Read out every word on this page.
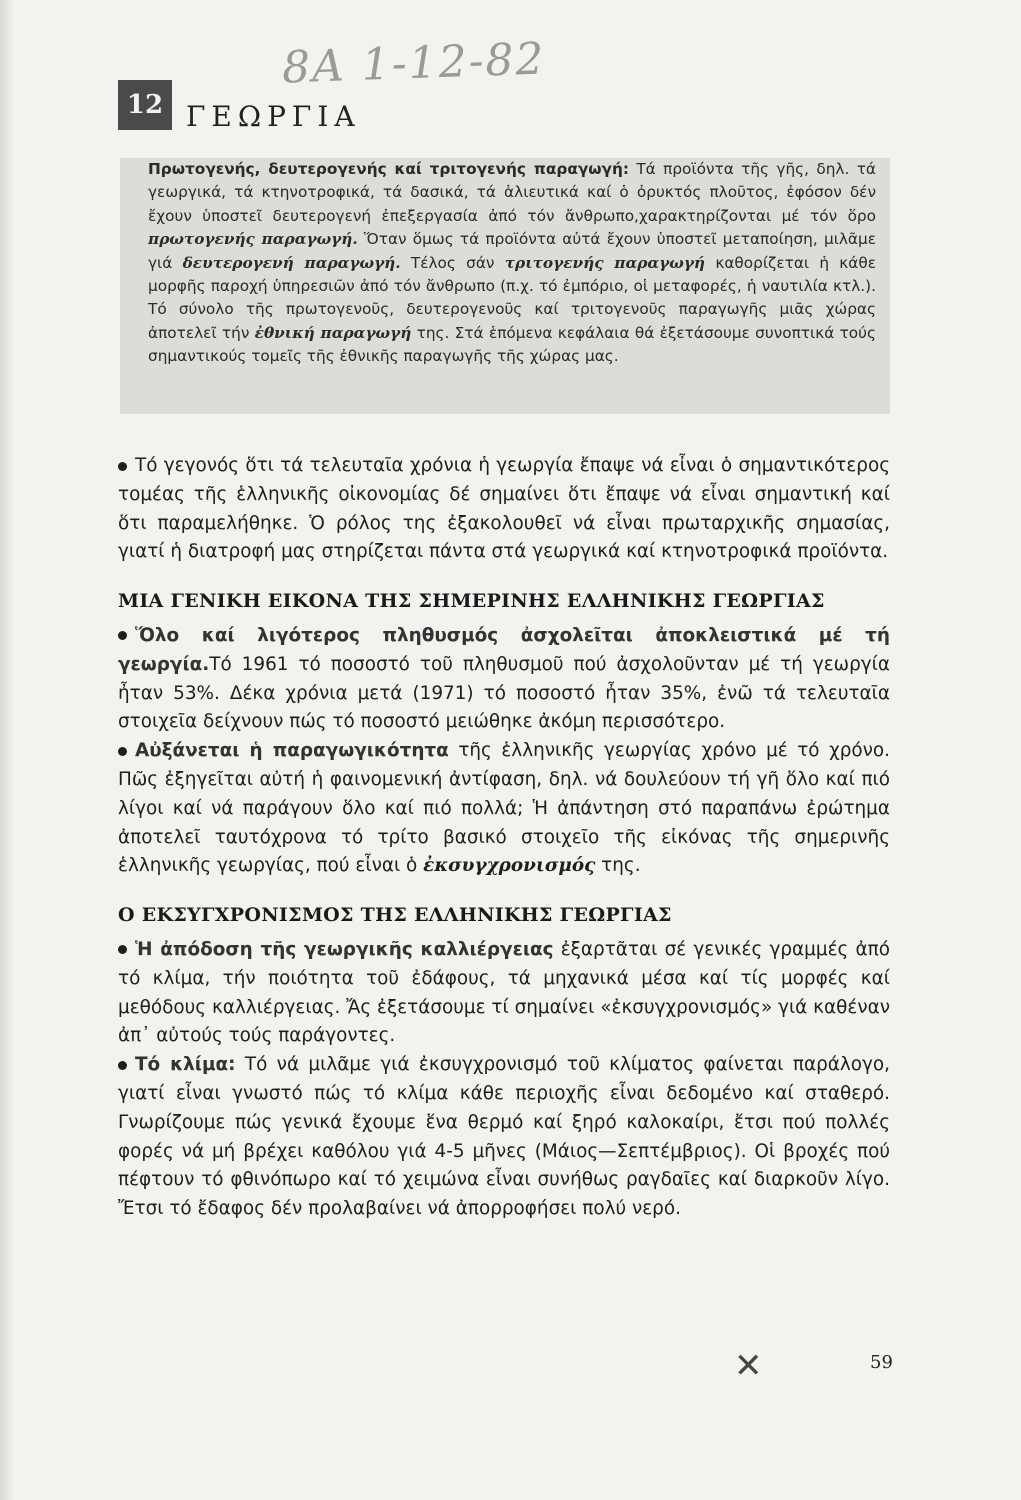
8A 1-12-82
12 ΓΕΩΡΓΙΑ

Πρωτογενής, δευτερογενής καί τριτογενής παραγωγή: Τά προϊόντα τῆς γῆς, δηλ. τά γεωργικά, τά κτηνοτροφικά, τά δασικά, τά ἁλιευτικά καί ὁ ὀρυκτός πλοῦτος, ἐφόσον δέν ἔχουν ὑποστεῖ δευτερογενή ἐπεξεργασία ἀπό τόν ἄνθρωπο,χαρακτηρίζονται μέ τόν ὅρο πρωτογενής παραγωγή. Ὅταν ὅμως τά προϊόντα αὐτά ἔχουν ὑποστεῖ μεταποίηση, μιλᾶμε γιά δευτερογενή παραγωγή. Τέλος σάν τριτογενής παραγωγή καθορίζεται ἡ κάθε μορφῆς παροχή ὑπηρεσιῶν ἀπό τόν ἄνθρωπο (π.χ. τό ἐμπόριο, οἱ μεταφορές, ἡ ναυτιλία κτλ.). Τό σύνολο τῆς πρωτογενοῦς, δευτερογενοῦς καί τριτογενοῦς παραγωγῆς μιᾶς χώρας ἀποτελεῖ τήν ἐθνική παραγωγή της. Στά ἑπόμενα κεφάλαια θά ἐξετάσουμε συνοπτικά τούς σημαντικούς τομεῖς τῆς ἐθνικῆς παραγωγῆς τῆς χώρας μας.

Τό γεγονός ὅτι τά τελευταῖα χρόνια ἡ γεωργία ἔπαψε νά εἶναι ὁ σημαντικότερος τομέας τῆς ἑλληνικῆς οἰκονομίας δέ σημαίνει ὅτι ἔπαψε νά εἶναι σημαντική καί ὅτι παραμελήθηκε. Ὁ ρόλος της ἐξακολουθεῖ νά εἶναι πρωταρχικῆς σημασίας, γιατί ἡ διατροφή μας στηρίζεται πάντα στά γεωργικά καί κτηνοτροφικά προϊόντα.

ΜΙΑ ΓΕΝΙΚΗ ΕΙΚΟΝΑ ΤΗΣ ΣΗΜΕΡΙΝΗΣ ΕΛΛΗΝΙΚΗΣ ΓΕΩΡΓΙΑΣ

Ὅλο καί λιγότερος πληθυσμός ἀσχολεῖται ἀποκλειστικά μέ τή γεωργία.Τό 1961 τό ποσοστό τοῦ πληθυσμοῦ πού ἀσχολοῦνταν μέ τή γεωργία ἦταν 53%. Δέκα χρόνια μετά (1971) τό ποσοστό ἦταν 35%, ἐνῶ τά τελευταῖα στοιχεῖα δείχνουν πώς τό ποσοστό μειώθηκε ἀκόμη περισσότερο.

Αὐξάνεται ἡ παραγωγικότητα τῆς ἑλληνικῆς γεωργίας χρόνο μέ τό χρόνο. Πῶς ἐξηγεῖται αὐτή ἡ φαινομενική ἀντίφαση, δηλ. νά δουλεύουν τή γῆ ὅλο καί πιό λίγοι καί νά παράγουν ὅλο καί πιό πολλά; Ἡ ἀπάντηση στό παραπάνω ἐρώτημα ἀποτελεῖ ταυτόχρονα τό τρίτο βασικό στοιχεῖο τῆς εἰκόνας τῆς σημερινῆς ἑλληνικῆς γεωργίας, πού εἶναι ὁ ἐκσυγχρονισμός της.

Ο ΕΚΣΥΓΧΡΟΝΙΣΜΟΣ ΤΗΣ ΕΛΛΗΝΙΚΗΣ ΓΕΩΡΓΙΑΣ

Ἡ ἀπόδοση τῆς γεωργικῆς καλλιέργειας ἐξαρτᾶται σέ γενικές γραμμές ἀπό τό κλίμα, τήν ποιότητα τοῦ ἐδάφους, τά μηχανικά μέσα καί τίς μορφές καί μεθόδους καλλιέργειας. Ἄς ἐξετάσουμε τί σημαίνει «ἐκσυγχρονισμός» γιά καθέναν ἀπ᾽ αὐτούς τούς παράγοντες.

Τό κλίμα: Τό νά μιλᾶμε γιά ἐκσυγχρονισμό τοῦ κλίματος φαίνεται παράλογο, γιατί εἶναι γνωστό πώς τό κλίμα κάθε περιοχῆς εἶναι δεδομένο καί σταθερό. Γνωρίζουμε πώς γενικά ἔχουμε ἕνα θερμό καί ξηρό καλοκαίρι, ἔτσι πού πολλές φορές νά μή βρέχει καθόλου γιά 4-5 μῆνες (Μάιος—Σεπτέμβριος). Οἱ βροχές πού πέφτουν τό φθινόπωρο καί τό χειμώνα εἶναι συνήθως ραγδαῖες καί διαρκοῦν λίγο. Ἔτσι τό ἔδαφος δέν προλαβαίνει νά ἀπορροφήσει πολύ νερό.

✕	59
